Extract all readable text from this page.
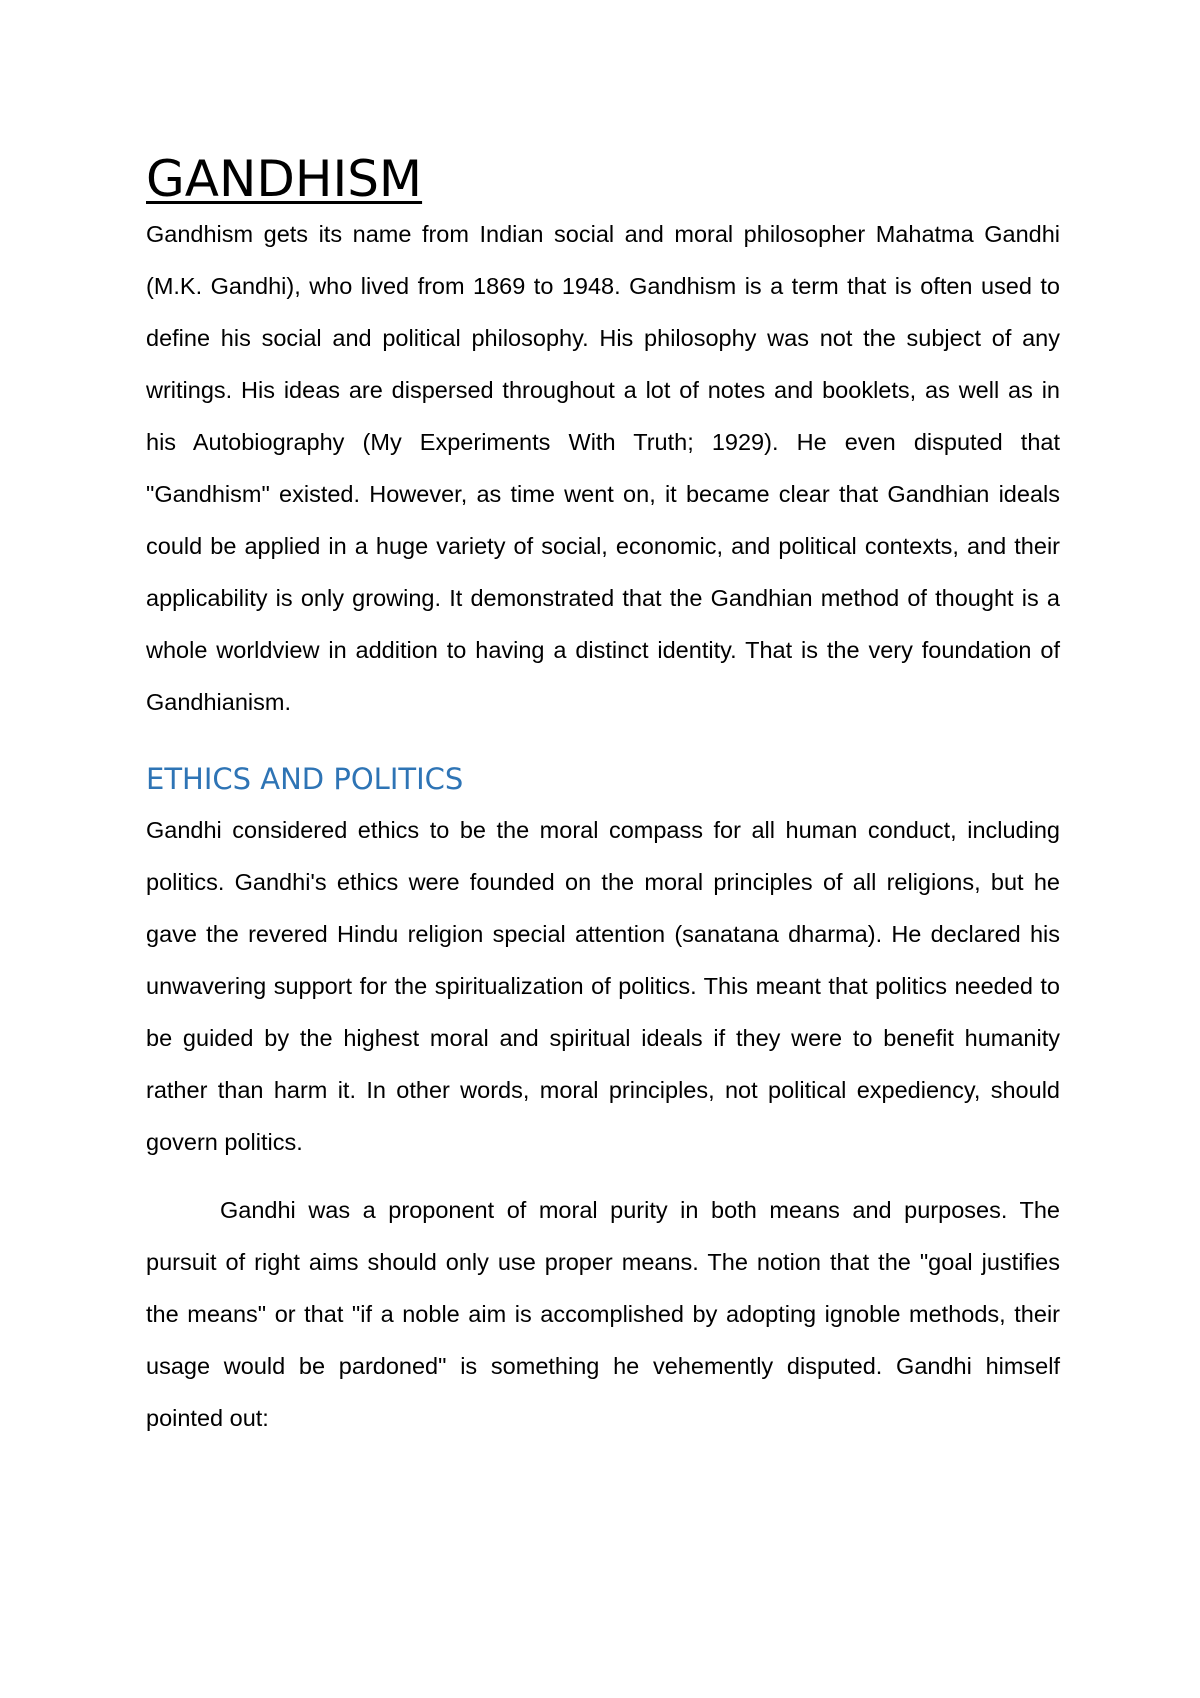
GANDHISM

Gandhism gets its name from Indian social and moral philosopher Mahatma Gandhi (M.K. Gandhi), who lived from 1869 to 1948. Gandhism is a term that is often used to define his social and political philosophy. His philosophy was not the subject of any writings. His ideas are dispersed throughout a lot of notes and booklets, as well as in his Autobiography (My Experiments With Truth; 1929). He even disputed that "Gandhism" existed. However, as time went on, it became clear that Gandhian ideals could be applied in a huge variety of social, economic, and political contexts, and their applicability is only growing. It demonstrated that the Gandhian method of thought is a whole worldview in addition to having a distinct identity. That is the very foundation of Gandhianism.

ETHICS AND POLITICS

Gandhi considered ethics to be the moral compass for all human conduct, including politics. Gandhi's ethics were founded on the moral principles of all religions, but he gave the revered Hindu religion special attention (sanatana dharma). He declared his unwavering support for the spiritualization of politics. This meant that politics needed to be guided by the highest moral and spiritual ideals if they were to benefit humanity rather than harm it. In other words, moral principles, not political expediency, should govern politics.

Gandhi was a proponent of moral purity in both means and purposes. The pursuit of right aims should only use proper means. The notion that the "goal justifies the means" or that "if a noble aim is accomplished by adopting ignoble methods, their usage would be pardoned" is something he vehemently disputed. Gandhi himself pointed out:
